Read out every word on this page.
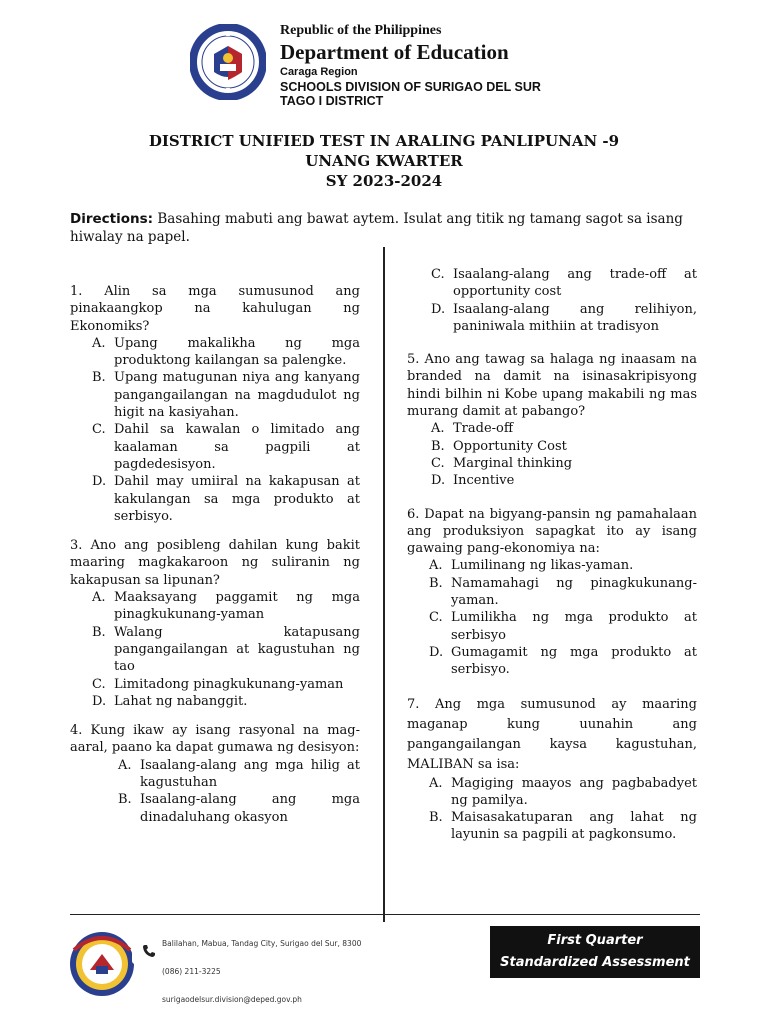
Republic of the Philippines
Department of Education
Caraga Region
SCHOOLS DIVISION OF SURIGAO DEL SUR
TAGO I DISTRICT
DISTRICT UNIFIED TEST IN ARALING PANLIPUNAN -9
UNANG KWARTER
SY 2023-2024
Directions: Basahing mabuti ang bawat aytem. Isulat ang titik ng tamang sagot sa isang hiwalay na papel.
1. Alin sa mga sumusunod ang pinakaangkop na kahulugan ng Ekonomiks?
A. Upang makalikha ng mga produktong kailangan sa palengke.
B. Upang matugunan niya ang kanyang pangangailangan na magdudulot ng higit na kasiyahan.
C. Dahil sa kawalan o limitado ang kaalaman sa pagpili at pagdedesisyon.
D. Dahil may umiiral na kakapusan at kakulangan sa mga produkto at serbisyo.
3. Ano ang posibleng dahilan kung bakit maaring magkakaroon ng suliranin ng kakapusan sa lipunan?
A. Maaksayang paggamit ng mga pinagkukunang-yaman
B. Walang katapusang pangangailangan at kagustuhan ng tao
C. Limitadong pinagkukunang-yaman
D. Lahat ng nabanggit.
4. Kung ikaw ay isang rasyonal na mag-aaral, paano ka dapat gumawa ng desisyon:
A. Isaalang-alang ang mga hilig at kagustuhan
B. Isaalang-alang ang mga dinadaluhang okasyon
C. Isaalang-alang ang trade-off at opportunity cost
D. Isaalang-alang ang relihiyon, paniniwala mithiin at tradisyon
5. Ano ang tawag sa halaga ng inaasam na branded na damit na isinasakripisyong hindi bilhin ni Kobe upang makabili ng mas murang damit at pabango?
A. Trade-off
B. Opportunity Cost
C. Marginal thinking
D. Incentive
6. Dapat na bigyang-pansin ng pamahalaan ang produksiyon sapagkat ito ay isang gawaing pang-ekonomiya na:
A. Lumilinang ng likas-yaman.
B. Namamahagi ng pinagkukunang-yaman.
C. Lumilikha ng mga produkto at serbisyo
D. Gumagamit ng mga produkto at serbisyo.
7. Ang mga sumusunod ay maaring maganap kung uunahin ang pangangailangan kaysa kagustuhan, MALIBAN sa isa:
A. Magiging maayos ang pagbabadyet ng pamilya.
B. Maisasakatuparan ang lahat ng layunin sa pagpili at pagkonsumo.
Balilahan, Mabua, Tandag City, Surigao del Sur, 8300
(086) 211-3225
surigaodelsur.division@deped.gov.ph
First Quarter
Standardized Assessment
